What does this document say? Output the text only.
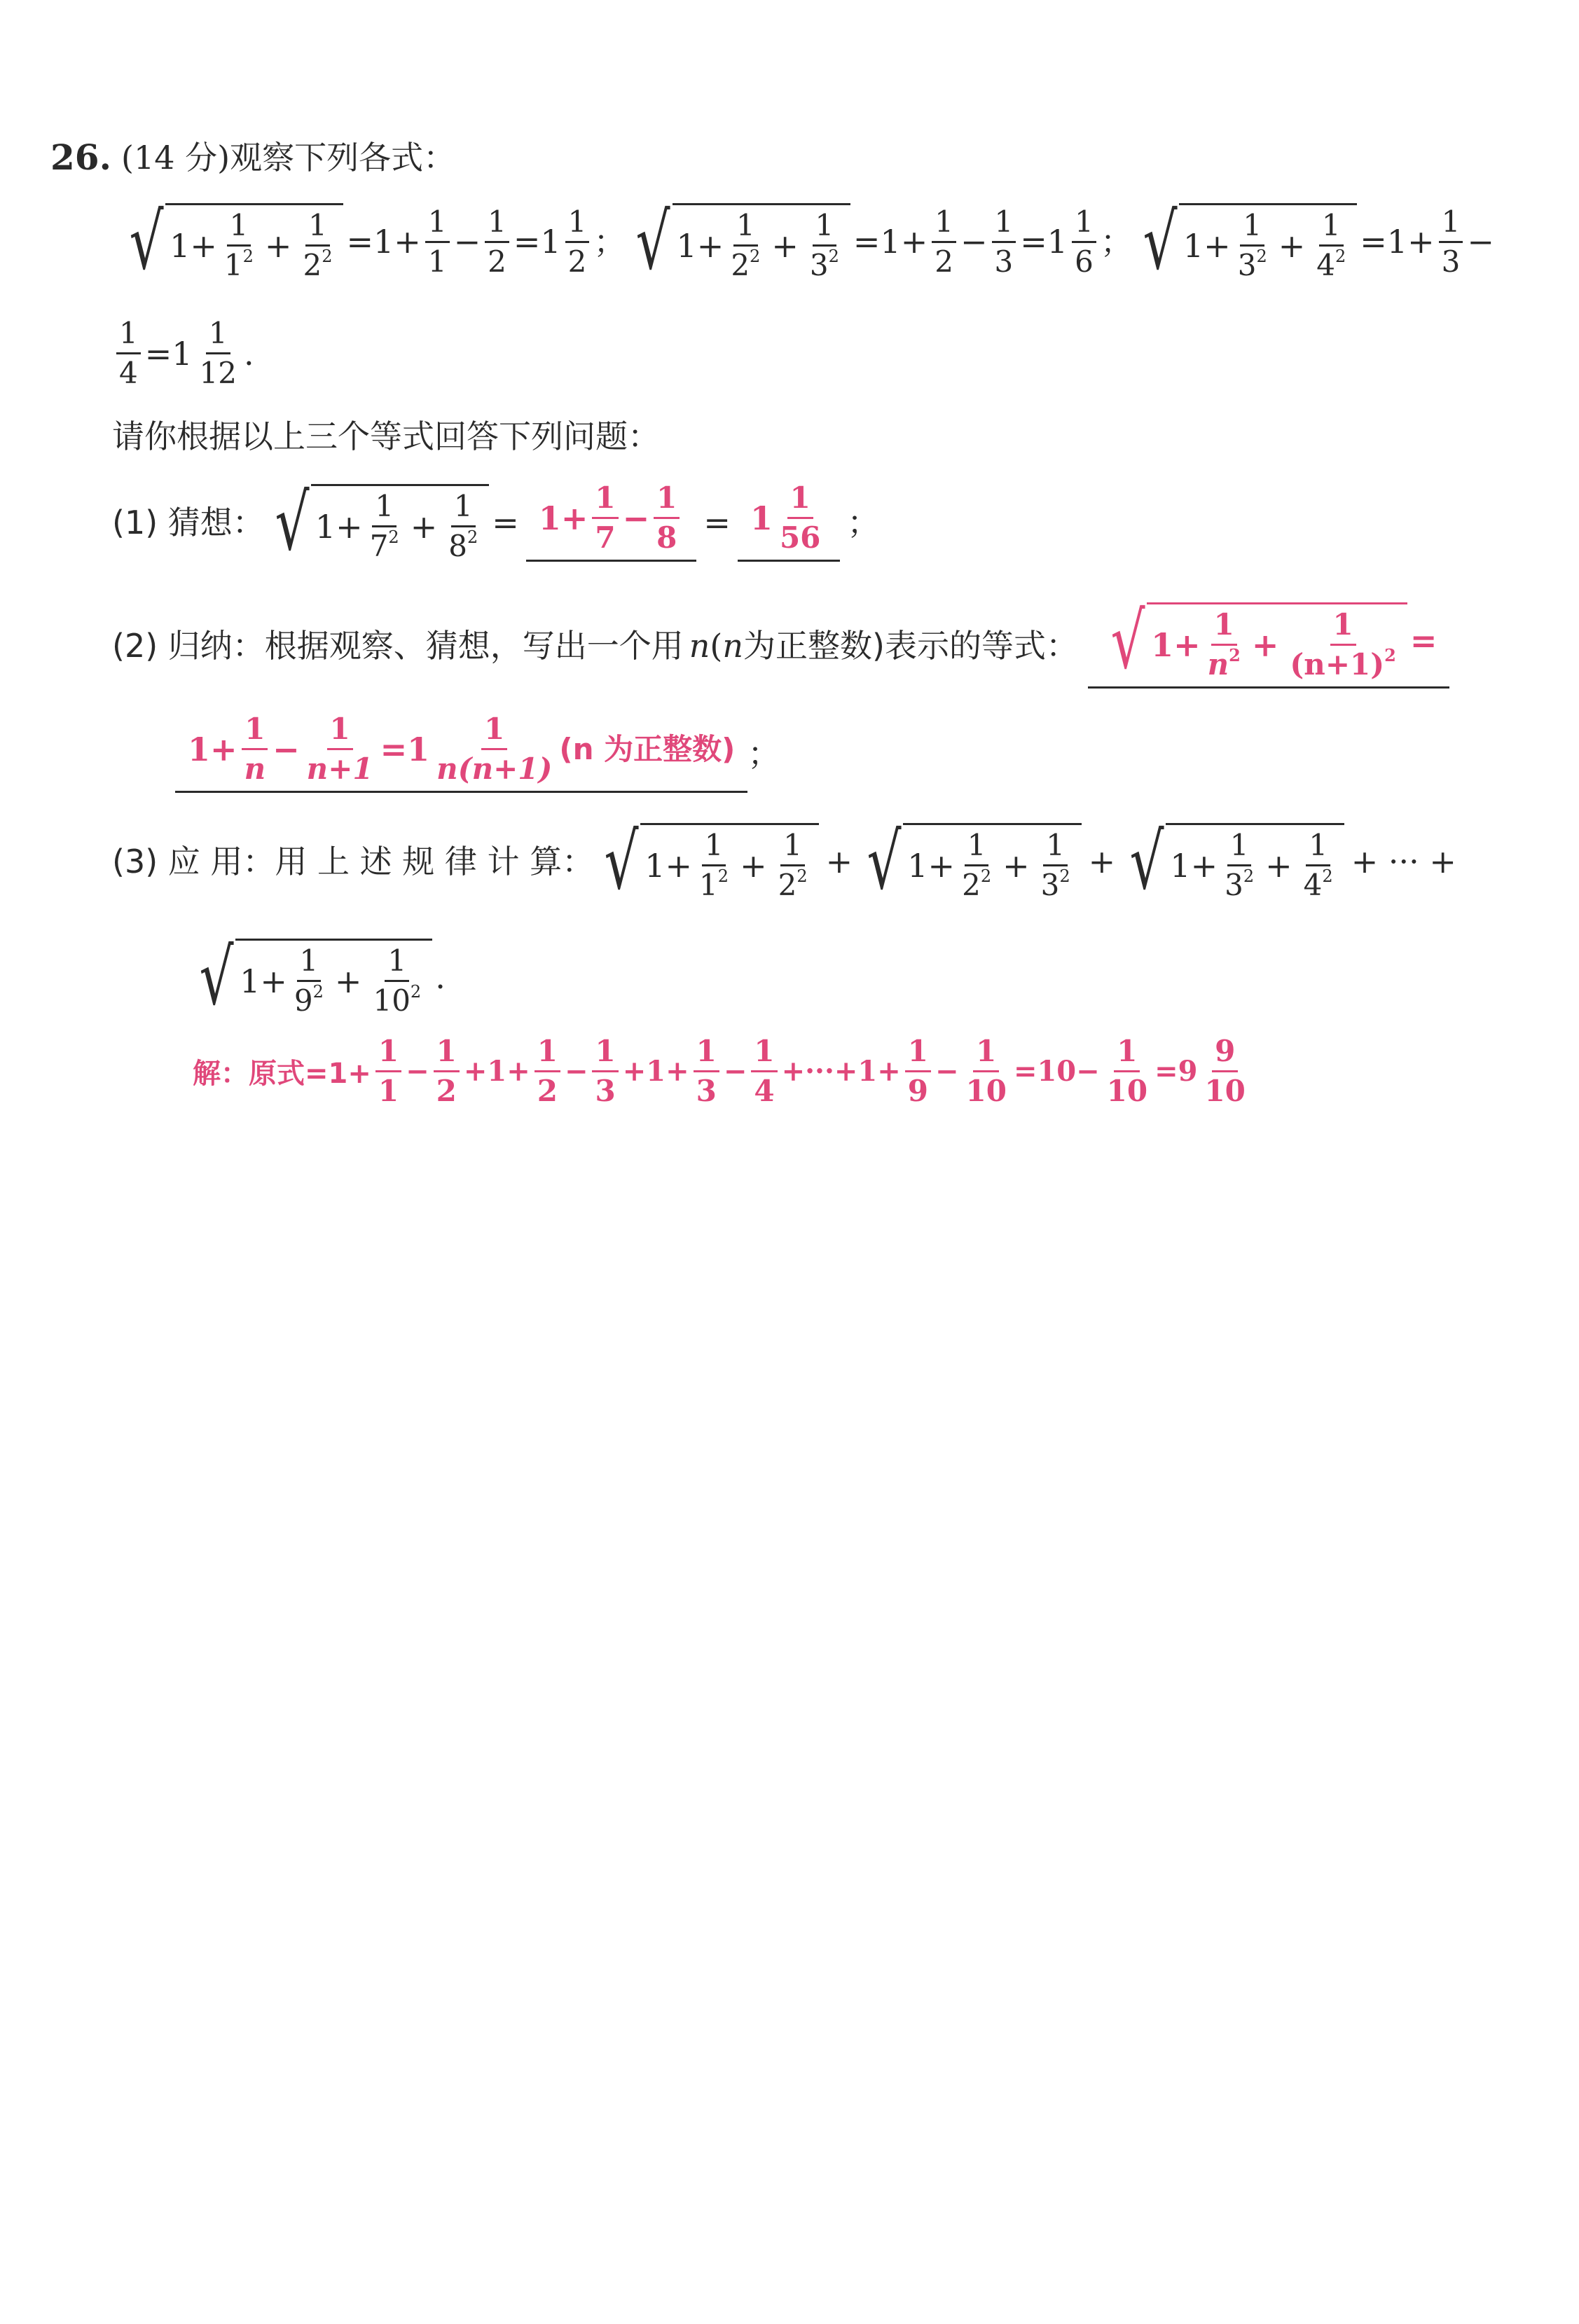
26. (14 分) 观察下列各式：
√ $1+ \frac{1}{1^2} + \frac{1}{2^2} =1+ \frac{1}{1} - \frac{1}{2} =1 \frac{1}{2}$ ； √ $1+ \frac{1}{2^2} + \frac{1}{3^2} =1+ \frac{1}{2} - \frac{1}{3} =1 \frac{1}{6}$ ； √ $1+ \frac{1}{3^2} + \frac{1}{4^2} =1+ \frac{1}{3}$ −
$\frac{1}{4} =1 \frac{1}{12}$ .
请你根据以上三个等式回答下列问题：
(1) 猜想： √ $1+ \frac{1}{7^2} + \frac{1}{8^2} = 1+ \frac{1}{7} - \frac{1}{8} = 1 \frac{1}{56}$ ；
(2) 归纳：根据观察、猜想，写出一个用 n ( n 为正整数)表示的等式： √ $1+ \frac{1}{n^2} + \frac{1}{(n+1)^2}$ =
$1+ \frac{1}{n} - \frac{1}{n+1} =1 \frac{1}{n(n+1)} (n$ 为正整数) ；
(3) 应 用：用 上 述 规 律 计 算： √ $1+ \frac{1}{1^2} + \frac{1}{2^2}$ + √ $1+ \frac{1}{2^2} + \frac{1}{3^2}$ + √ $1+ \frac{1}{3^2} + \frac{1}{4^2}$ + ··· +
√ $1+ \frac{1}{9^2} + \frac{1}{10^2}$ .
解：原式$=1+ \frac{1}{1} - \frac{1}{2} +1+ \frac{1}{2} - \frac{1}{3} +1+ \frac{1}{3} - \frac{1}{4} +\cdot\cdot\cdot+1+ \frac{1}{9} - \frac{1}{10} =10- \frac{1}{10} =9 \frac{9}{10}$
